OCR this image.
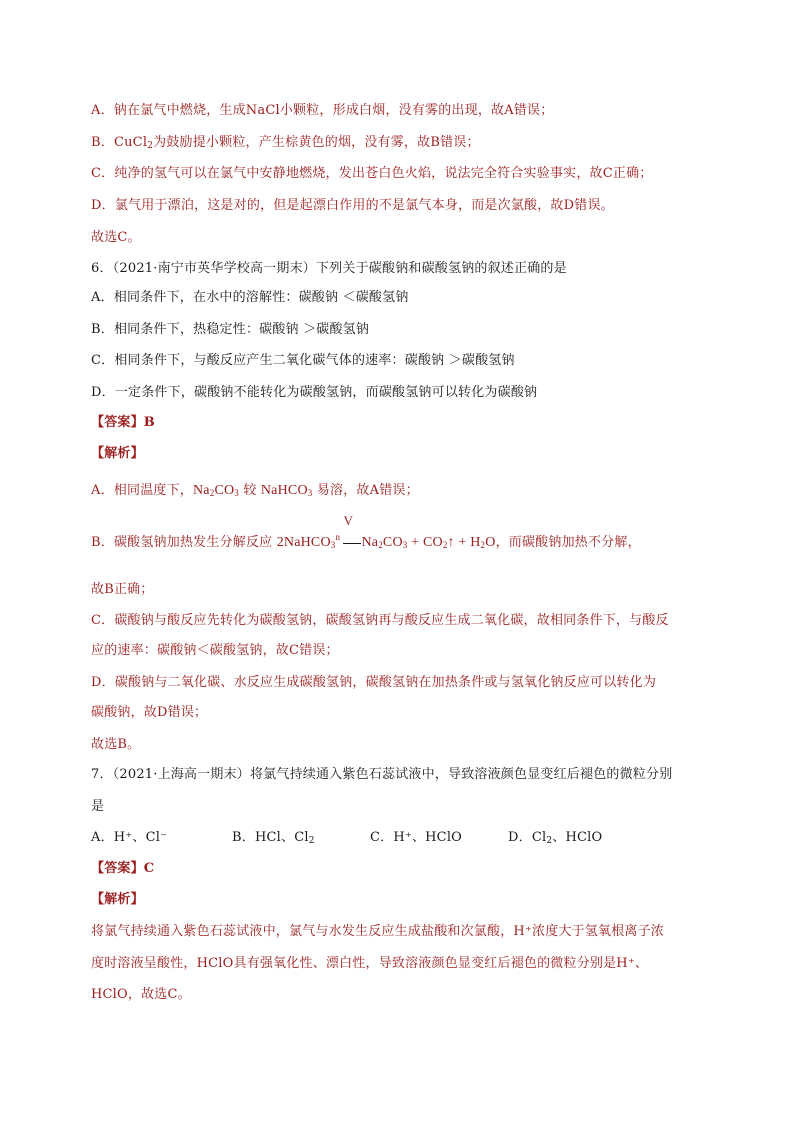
A．钠在氯气中燃烧，生成NaCl小颗粒，形成白烟，没有雾的出现，故A错误；
B．CuCl$_2$为鼓励提小颗粒，产生棕黄色的烟，没有雾，故B错误；
C．纯净的氢气可以在氯气中安静地燃烧，发出苍白色火焰，说法完全符合实验事实，故C正确；
D．氯气用于漂泊，这是对的，但是起漂白作用的不是氯气本身，而是次氯酸，故D错误。
故选C。
6．（2021·南宁市英华学校高一期末）下列关于碳酸钠和碳酸氢钠的叙述正确的是
A．相同条件下，在水中的溶解性：碳酸钠 ＜碳酸氢钠
B．相同条件下，热稳定性：碳酸钠 ＞碳酸氢钠
C．相同条件下，与酸反应产生二氧化碳气体的速率：碳酸钠 ＞碳酸氢钠
D．一定条件下，碳酸钠不能转化为碳酸氢钠，而碳酸氢钠可以转化为碳酸钠
【答案】B
【解析】
A．相同温度下，$Na_2CO_3$ 较 NaHCO$_3$ 易溶，故A错误；
B．碳酸氢钠加热发生分解反应 2NaHCO$_3$
V
n $Na_2CO_3$ + $CO_2↑ + H_2O$，而碳酸钠加热不分解，
故B正确；
C．碳酸钠与酸反应先转化为碳酸氢钠，碳酸氢钠再与酸反应生成二氧化碳，故相同条件下，与酸反
应的速率：碳酸钠＜碳酸氢钠，故C错误；
D．碳酸钠与二氧化碳、水反应生成碳酸氢钠，碳酸氢钠在加热条件或与氢氧化钠反应可以转化为
碳酸钠，故D错误；
故选B。
7．（2021·上海高一期末）将氯气持续通入紫色石蕊试液中，导致溶液颜色显变红后褪色的微粒分别
是
A．H⁺、Cl⁻	B．HCl、$Cl_2$	C．H⁺、HClO	D．$Cl_2$、HClO
【答案】C
【解析】
将氯气持续通入紫色石蕊试液中，氯气与水发生反应生成盐酸和次氯酸，H⁺浓度大于氢氧根离子浓
度时溶液呈酸性，HClO具有强氧化性、漂白性，导致溶液颜色显变红后褪色的微粒分别是H⁺、
HClO，故选C。
